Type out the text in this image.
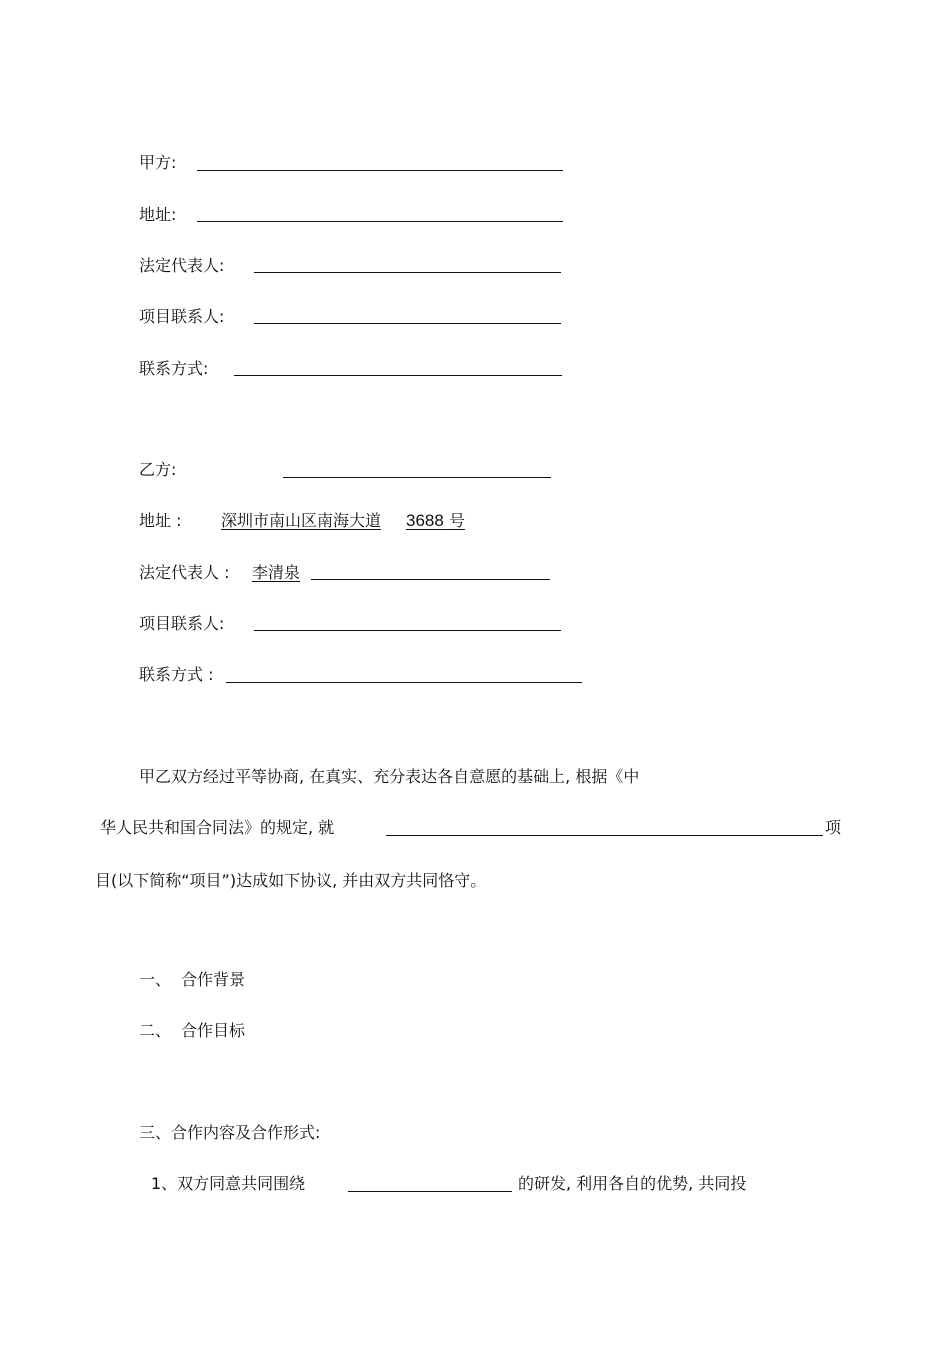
甲方:
地址:
法定代表人:
项目联系人:
联系方式:
乙方:
地址 : 深圳市南山区南海大道 3688 号
法定代表人 : 李清泉
项目联系人:
联系方式 :
甲乙双方经过平等协商, 在真实、充分表达各自意愿的基础上, 根据《中
华人民共和国合同法》的规定, 就	项
目(以下简称“项目”)达成如下协议, 并由双方共同恪守。
一、 合作背景
二、 合作目标
三、合作内容及合作形式:
1、双方同意共同围绕	的研发, 利用各自的优势, 共同投
